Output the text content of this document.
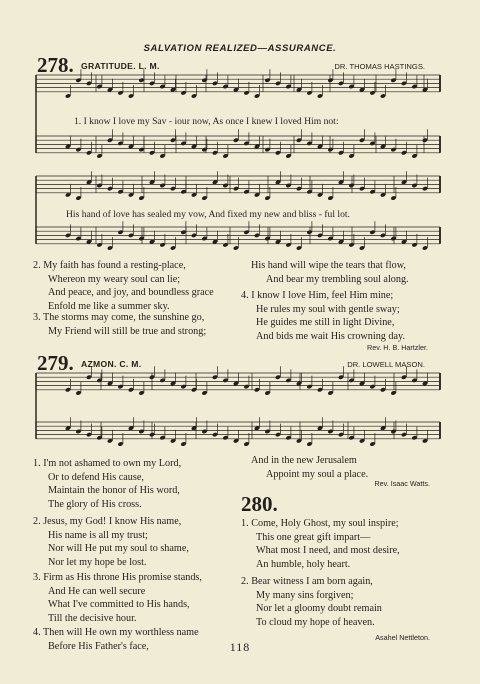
SALVATION REALIZED—ASSURANCE.
278. GRATITUDE. L. M.	DR. THOMAS HASTINGS.
1. I know I love my Sav - iour now, As once I knew I loved Him not:
His hand of love has sealed my vow, And fixed my new and bliss - ful lot.
2. My faith has found a resting-place,
Whereon my weary soul can lie;
And peace, and joy, and boundless grace
Enfold me like a summer sky.
3. The storms may come, the sunshine go,
My Friend will still be true and strong;
His hand will wipe the tears that flow,
And bear my trembling soul along.
4. I know I love Him, feel Him mine;
He rules my soul with gentle sway;
He guides me still in light Divine,
And bids me wait His crowning day.
Rev. H. B. Hartzler.
279. AZMON. C. M.	DR. LOWELL MASON.
1. I'm not ashamed to own my Lord,
Or to defend His cause,
Maintain the honor of His word,
The glory of His cross.
2. Jesus, my God! I know His name,
His name is all my trust;
Nor will He put my soul to shame,
Nor let my hope be lost.
3. Firm as His throne His promise stands,
And He can well secure
What I've committed to His hands,
Till the decisive hour.
4. Then will He own my worthless name
Before His Father's face,
And in the new Jerusalem
Appoint my soul a place.
Rev. Isaac Watts.
280.
1. Come, Holy Ghost, my soul inspire;
This one great gift impart—
What most I need, and most desire,
An humble, holy heart.
2. Bear witness I am born again,
My many sins forgiven;
Nor let a gloomy doubt remain
To cloud my hope of heaven.
Asahel Nettleton.
118
